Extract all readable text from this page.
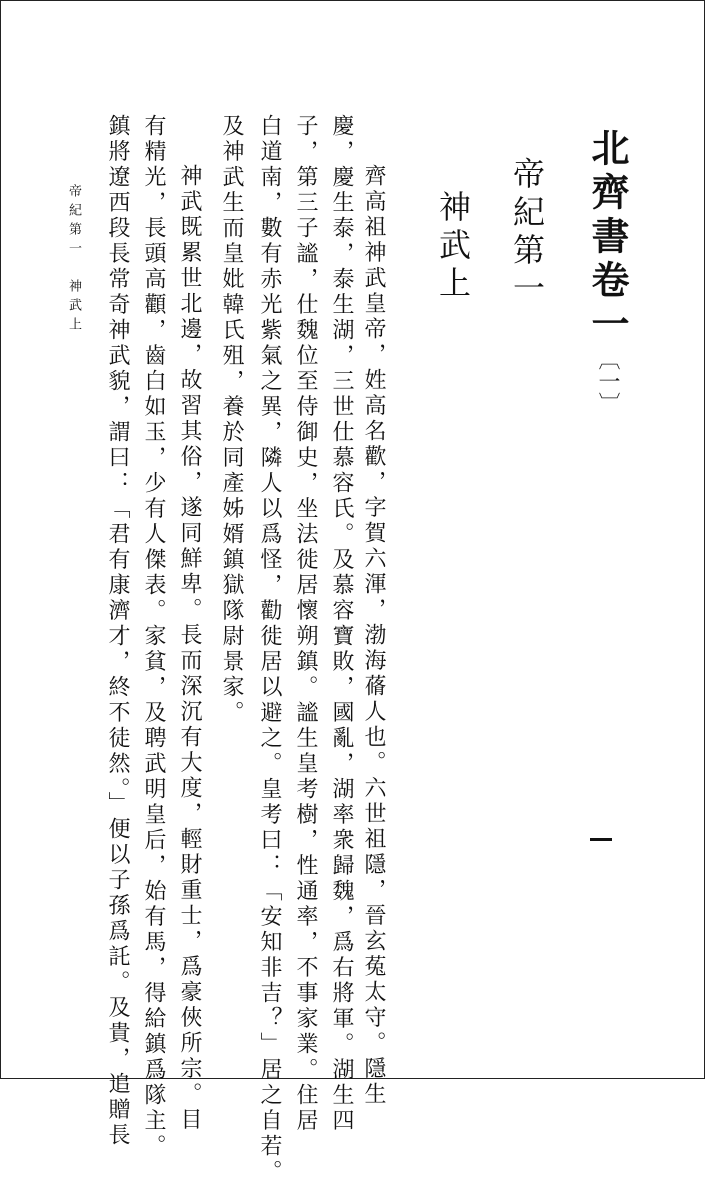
北齊書卷一〔一〕
帝紀第一
神武上
齊高祖神武皇帝，姓高名歡，字賀六渾，渤海蓨人也。六世祖隱，晉玄菟太守。隱生
慶，慶生泰，泰生湖，三世仕慕容氏。及慕容寶敗，國亂，湖率衆歸魏，爲右將軍。湖生四
子，第三子謐，仕魏位至侍御史，坐法徙居懷朔鎮。謐生皇考樹，性通率，不事家業。住居
白道南，數有赤光紫氣之異，隣人以爲怪，勸徙居以避之。皇考曰：「安知非吉？」居之自若。
及神武生而皇妣韓氏殂，養於同產姊婿鎮獄隊尉景家。
神武既累世北邊，故習其俗，遂同鮮卑。長而深沉有大度，輕財重士，爲豪俠所宗。目
有精光，長頭高顴，齒白如玉，少有人傑表。家貧，及聘武明皇后，始有馬，得給鎮爲隊主。
鎮將遼西段長常奇神武貌，謂曰：「君有康濟才，終不徒然。」便以子孫爲託。及貴，追贈長
帝紀第一　神武上
